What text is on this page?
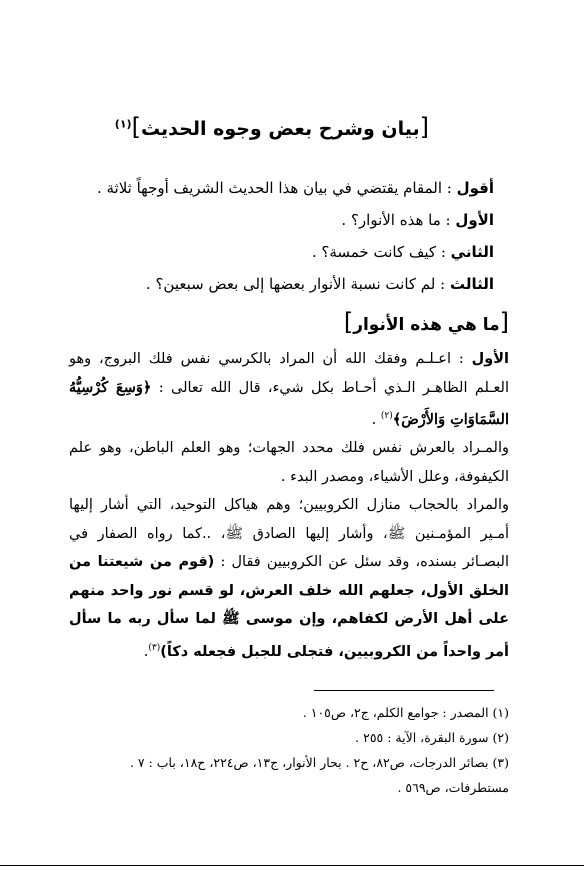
[بيان وشرح بعض وجوه الحديث]$^{(١)}$

أقول : المقام يقتضي في بيان هذا الحديث الشريف أوجهاً ثلاثة .

الأول : ما هذه الأنوار؟ .

الثاني : كيف كانت خمسة؟ .

الثالث : لم كانت نسبة الأنوار بعضها إلى بعض سبعين؟ .

[ما هي هذه الأنوار]

الأول : اعـلـم وفقك الله أن المراد بالكرسي نفس فلك البروج، وهو العـلم الظاهـر الـذي أحـاط بكل شيء، قال الله تعالى : ﴿وَسِعَ كُرْسِيُّهُ السَّمَاوَاتِ وَالأَرْضَ﴾$^{(٢)}$ .

والمـراد بالعرش نفس فلك محدد الجهات؛ وهو العلم الباطن، وهو علم الكيفوفة، وعلل الأشياء، ومصدر البدء .

والمراد بالحجاب منازل الكروبيين؛ وهم هياكل التوحيد، التي أشار إليها أمـير المؤمـنين ﷺ، وأشار إليها الصادق ﷺ، ..كما رواه الصفار في البصـائر بسنده، وقد سئل عن الكروبيين فقال : (قوم من شيعتنا من الخلق الأول، جعلهم الله خلف العرش، لو قسم نور واحد منهم على أهل الأرض لكفاهم، وإن موسى ﷺ لما سأل ربه ما سأل أمر واحداً من الكروبيين، فتجلى للجبل فجعله دكاً)$^{(٣)}$.

(١) المصدر : جوامع الكلم، ج٢، ص١٠٥ .

(٢) سورة البقرة، الآية : ٢٥٥ .

(٣) بصائر الدرجات، ص٨٢، ح٢ . بحار الأنوار، ج١٣، ص٢٢٤، ح١٨، باب : ٧ . مستطرفات، ص٥٦٩ .
